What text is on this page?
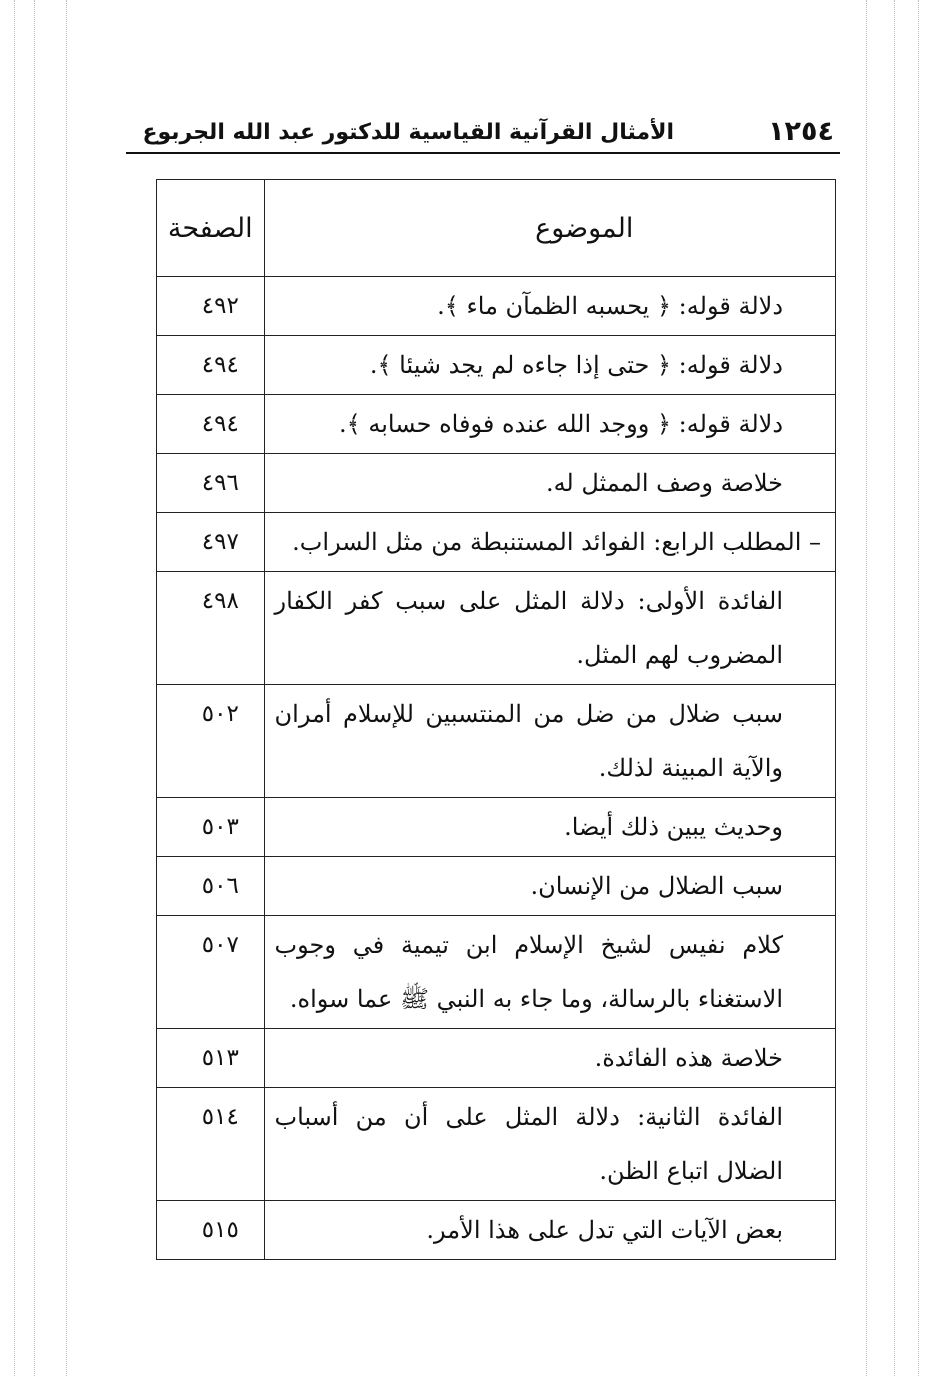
١٢٥٤
الأمثال القرآنية القياسية للدكتور عبد الله الجربوع
الموضوع	الصفحة
دلالة قوله: ﴿ يحسبه الظمآن ماء ﴾.	٤٩٢
دلالة قوله: ﴿ حتى إذا جاءه لم يجد شيئا ﴾.	٤٩٤
دلالة قوله: ﴿ ووجد الله عنده فوفاه حسابه ﴾.	٤٩٤
خلاصة وصف الممثل له.	٤٩٦
– المطلب الرابع: الفوائد المستنبطة من مثل السراب.	٤٩٧
الفائدة الأولى: دلالة المثل على سبب كفر الكفار المضروب لهم المثل.	٤٩٨
سبب ضلال من ضل من المنتسبين للإسلام أمران والآية المبينة لذلك.	٥٠٢
وحديث يبين ذلك أيضا.	٥٠٣
سبب الضلال من الإنسان.	٥٠٦
كلام نفيس لشيخ الإسلام ابن تيمية في وجوب الاستغناء بالرسالة، وما جاء به النبي ﷺ عما سواه.	٥٠٧
خلاصة هذه الفائدة.	٥١٣
الفائدة الثانية: دلالة المثل على أن من أسباب الضلال اتباع الظن.	٥١٤
بعض الآيات التي تدل على هذا الأمر.	٥١٥
